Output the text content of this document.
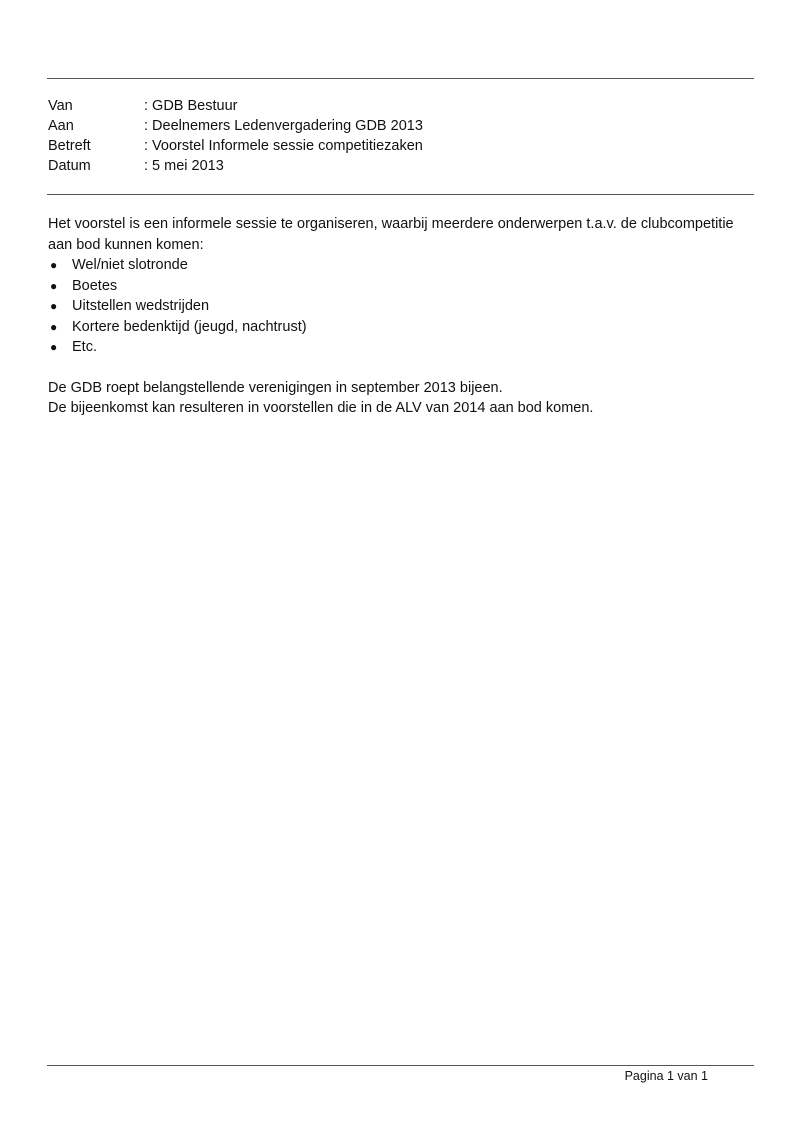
Van	: GDB Bestuur
Aan	: Deelnemers Ledenvergadering GDB 2013
Betreft	: Voorstel Informele sessie competitiezaken
Datum	: 5 mei 2013

Het voorstel is een informele sessie te organiseren, waarbij meerdere onderwerpen t.a.v. de clubcompetitie aan bod kunnen komen:

●	Wel/niet slotronde
●	Boetes
●	Uitstellen wedstrijden
●	Kortere bedenktijd (jeugd, nachtrust)
●	Etc.

De GDB roept belangstellende verenigingen in september 2013 bijeen.

De bijeenkomst kan resulteren in voorstellen die in de ALV van 2014 aan bod komen.

Pagina 1 van 1
